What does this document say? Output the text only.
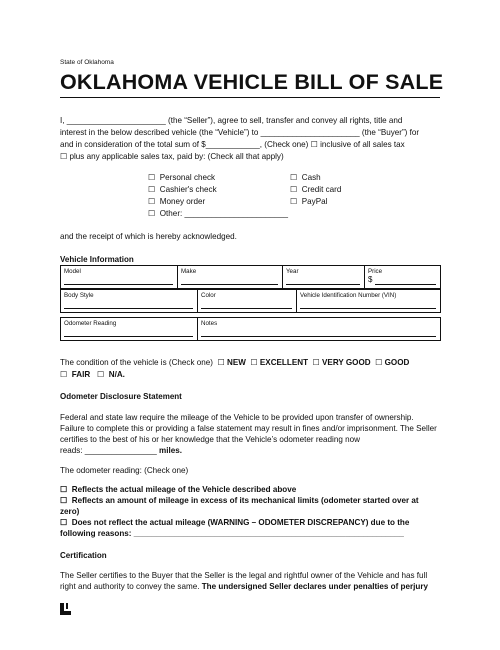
State of Oklahoma
OKLAHOMA VEHICLE BILL OF SALE
I, ______________________ (the “Seller”), agree to sell, transfer and convey all rights, title and
interest in the below described vehicle (the “Vehicle”) to ______________________ (the “Buyer”) for
and in consideration of the total sum of $____________, (Check one) ☐ inclusive of all sales tax
☐ plus any applicable sales tax, paid by: (Check all that apply)
☐ Personal check
☐ Cashier's check
☐ Money order
☐ Other: _______________________
☐ Cash
☐ Credit card
☐ PayPal
and the receipt of which is hereby acknowledged.
Vehicle Information
Model	Make	Year	Price
$
Body Style	Color	Vehicle Identification Number (VIN)
Odometer Reading	Notes
The condition of the vehicle is (Check one) ☐ NEW ☐ EXCELLENT ☐ VERY GOOD ☐ GOOD
☐ FAIR ☐ N/A.
Odometer Disclosure Statement
Federal and state law require the mileage of the Vehicle to be provided upon transfer of ownership.
Failure to complete this or providing a false statement may result in fines and/or imprisonment. The Seller
certifies to the best of his or her knowledge that the Vehicle’s odometer reading now
reads: ________________ miles.
The odometer reading: (Check one)
☐ Reflects the actual mileage of the Vehicle described above
☐ Reflects an amount of mileage in excess of its mechanical limits (odometer started over at
zero)
☐ Does not reflect the actual mileage (WARNING – ODOMETER DISCREPANCY) due to the
following reasons: ____________________________________________________________
Certification
The Seller certifies to the Buyer that the Seller is the legal and rightful owner of the Vehicle and has full
right and authority to convey the same. The undersigned Seller declares under penalties of perjury
